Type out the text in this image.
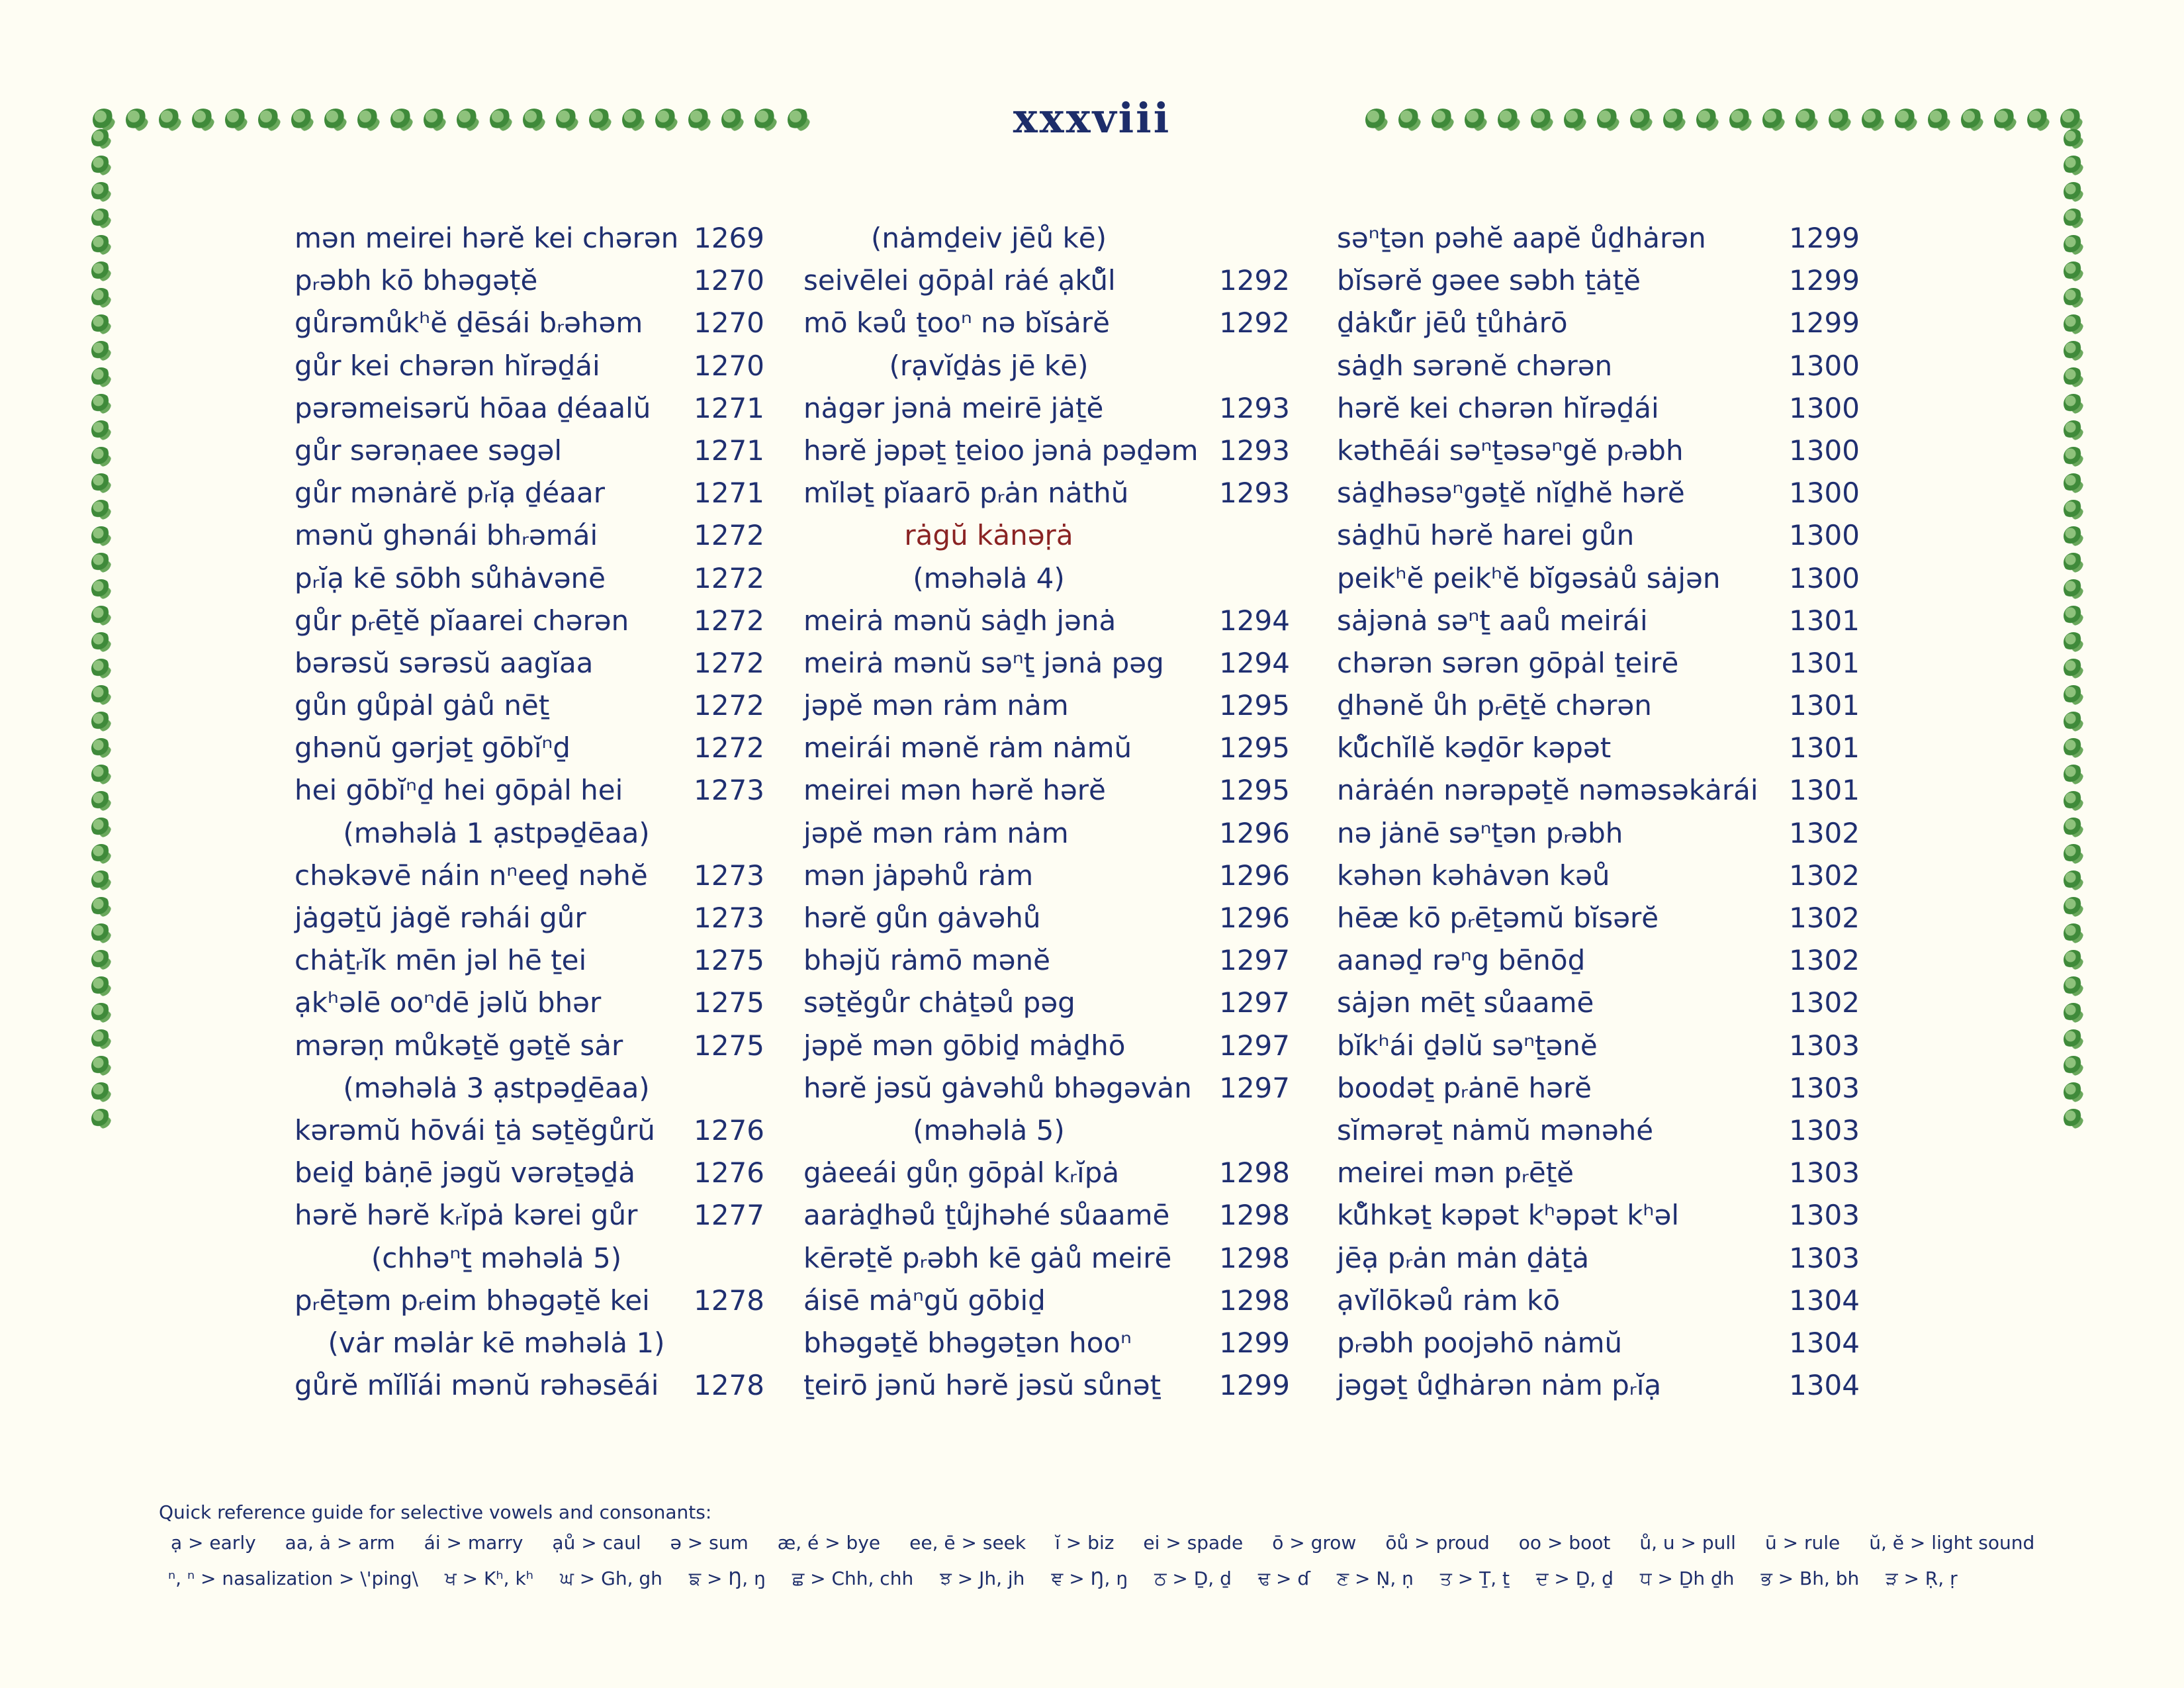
xxxviii
mən meirei hərĕ kei chərən 1269
pᵣəbh kō bhəgəṭĕ	1270
gůrəmůkʰĕ ḏēsái bᵣəhəm 1270
gůr kei chərən hĭrəḏái	1270
pərəmeisərŭ hōaa ḏéaalŭ 1271
gůr sərəṇaee səgəl	1271
gůr mənȧrĕ pᵣĭạ ḏéaar	1271
mənŭ ghənái bhᵣəmái	1272
pᵣĭạ kē sōbh sůhȧvənē	1272
gůr pᵣēṯĕ pĭaarei chərən 1272
bərəsŭ sərəsŭ aagĭaa	1272
gůn gůpȧl gȧů nēṯ	1272
ghənŭ gərjəṯ gōbĭⁿḏ	1272
hei gōbĭⁿḏ hei gōpȧl hei	1273
(məhəlȧ 1 ạstpəḏēaa)
chəkəvē náin nⁿeeḏ nəhĕ 1273
jȧgəṯŭ jȧgĕ rəhái gůr	1273
chȧṯᵣĭk mēn jəl hē ṯei	1275
ạkʰəlē ooⁿdē jəlŭ bhər	1275
mərəṇ můkəṯĕ gəṯĕ sȧr	1275
(məhəlȧ 3 ạstpəḏēaa)
kərəmŭ hōvái ṯȧ səṯĕgůrŭ 1276
beiḏ bȧṇē jəgŭ vərəṯəḏȧ 1276
hərĕ hərĕ kᵣĭpȧ kərei gůr 1277
(chhəⁿṯ məhəlȧ 5)
pᵣēṯəm pᵣeim bhəgəṯĕ kei 1278
(vȧr məlȧr kē məhəlȧ 1)
gůrĕ mĭlĭái mənŭ rəhəsēái 1278
(nȧmḏeiv jēů kē)
seivēlei gōpȧl rȧé ạků̆l	1292
mō kəů ṯooⁿ nə bĭsȧrĕ	1292
(rạvĭḏȧs jē kē)
nȧgər jənȧ meirē jȧṯĕ	1293
hərĕ jəpəṯ ṯeioo jənȧ pəḏəm 1293
mĭləṯ pĭaarō pᵣȧn nȧthŭ	1293
rȧgŭ kȧnəṛȧ
(məhəlȧ 4)
meirȧ mənŭ sȧḏh jənȧ	1294
meirȧ mənŭ səⁿṯ jənȧ pəg 1294
jəpĕ mən rȧm nȧm	1295
meirái mənĕ rȧm nȧmŭ	1295
meirei mən hərĕ hərĕ	1295
jəpĕ mən rȧm nȧm	1296
mən jȧpəhů rȧm	1296
hərĕ gůn gȧvəhů	1296
bhəjŭ rȧmō mənĕ	1297
səṯĕgůr chȧṯəů pəg	1297
jəpĕ mən gōbiḏ mȧḏhō	1297
hərĕ jəsŭ gȧvəhů bhəgəvȧn 1297
(məhəlȧ 5)
gȧeeái gůṇ gōpȧl kᵣĭpȧ	1298
aarȧḏhəů ṯůjhəhé sůaamē 1298
kērəṯĕ pᵣəbh kē gȧů meirē 1298
áisē mȧⁿgŭ gōbiḏ	1298
bhəgəṯĕ bhəgəṯən hooⁿ	1299
ṯeirō jənŭ hərĕ jəsŭ sůnəṯ 1299
səⁿṯən pəhĕ aapĕ ůḏhȧrən	1299
bĭsərĕ gəee səbh ṯȧṯĕ	1299
ḏȧků̆r jēů ṯůhȧrō	1299
sȧḏh sərənĕ chərən	1300
hərĕ kei chərən hĭrəḏái	1300
kəthēái səⁿṯəsəⁿgĕ pᵣəbh	1300
sȧḏhəsəⁿgəṯĕ nĭḏhĕ hərĕ	1300
sȧḏhū hərĕ harei gůn	1300
peikʰĕ peikʰĕ bĭgəsȧů sȧjən 1300
sȧjənȧ səⁿṯ aaů meirái	1301
chərən sərən gōpȧl ṯeirē	1301
ḏhənĕ ůh pᵣēṯĕ chərən	1301
ků̆chĭlĕ kəḏōr kəpət	1301
nȧrȧén nərəpəṯĕ nəməsəkȧrái 1301
nə jȧnē səⁿṯən pᵣəbh	1302
kəhən kəhȧvən kəů	1302
hēæ kō pᵣēṯəmŭ bĭsərĕ	1302
aanəḏ rəⁿg bēnōḏ	1302
sȧjən mēṯ sůaamē	1302
bĭkʰái ḏəlŭ səⁿṯənĕ	1303
boodəṯ pᵣȧnē hərĕ	1303
sĭmərəṯ nȧmŭ mənəhé	1303
meirei mən pᵣēṯĕ	1303
ků̆hkəṯ kəpət kʰəpət kʰəl	1303
jēạ pᵣȧn mȧn ḏȧṯȧ	1303
ạvĭlōkəů rȧm kō	1304
pᵣəbh poojəhō nȧmŭ	1304
jəgəṯ ůḏhȧrən nȧm pᵣĭạ	1304
Quick reference guide for selective vowels and consonants:
ạ > early aa, ȧ > arm ái > marry ạů > caul ə > sum æ, é > bye ee, ē > seek ĭ > biz ei > spade ō > grow ōů > proud oo > boot ů, u > pull ū > rule ŭ, ĕ > light sound
ⁿ, ⁿ > nasalization > \'ping\ ਖ > Kʰ, kʰ ਘ > Gh, gh ਙ > Ŋ, ŋ ਛ > Chh, chh ਝ > Jh, jh ਞ > Ŋ, ŋ ਠ > Ḏ, ḏ ਢ > ɗ ਣ > Ṇ, ṇ ਤ > Ṯ, ṯ ਦ > Ḏ, ḏ ਧ > Ḏh ḏh ਭ > Bh, bh ੜ > Ṛ, ṛ
